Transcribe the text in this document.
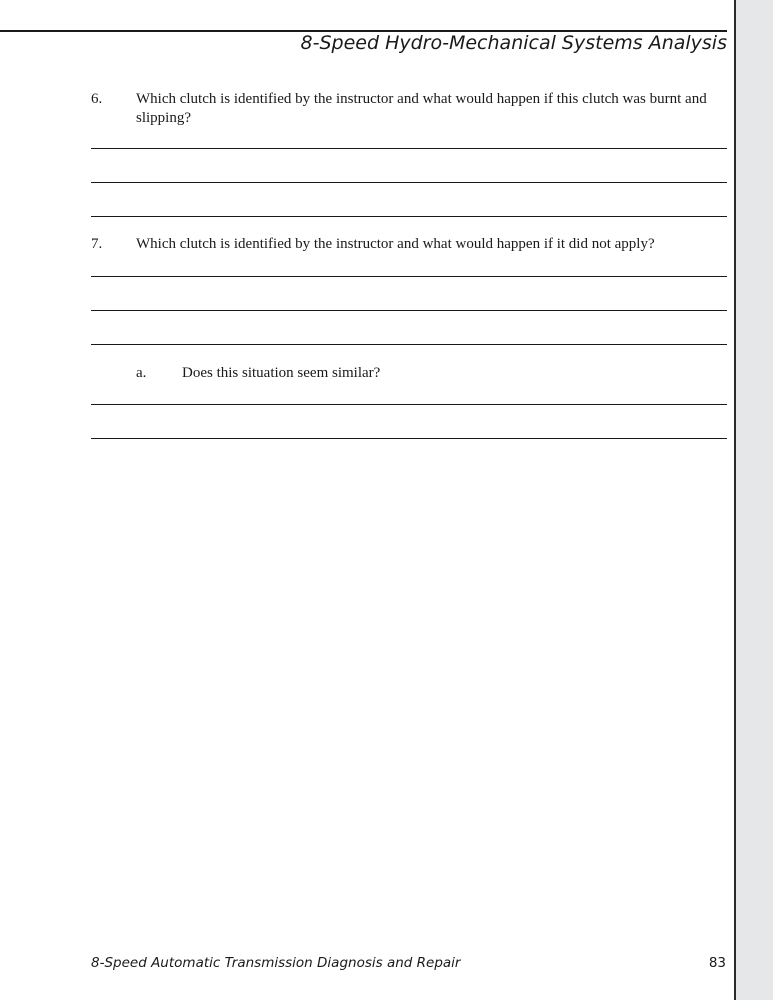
8-Speed Hydro-Mechanical Systems Analysis
6. Which clutch is identified by the instructor and what would happen if this clutch was burnt and slipping?
7. Which clutch is identified by the instructor and what would happen if it did not apply?
a. Does this situation seem similar?
8-Speed Automatic Transmission Diagnosis and Repair	83
